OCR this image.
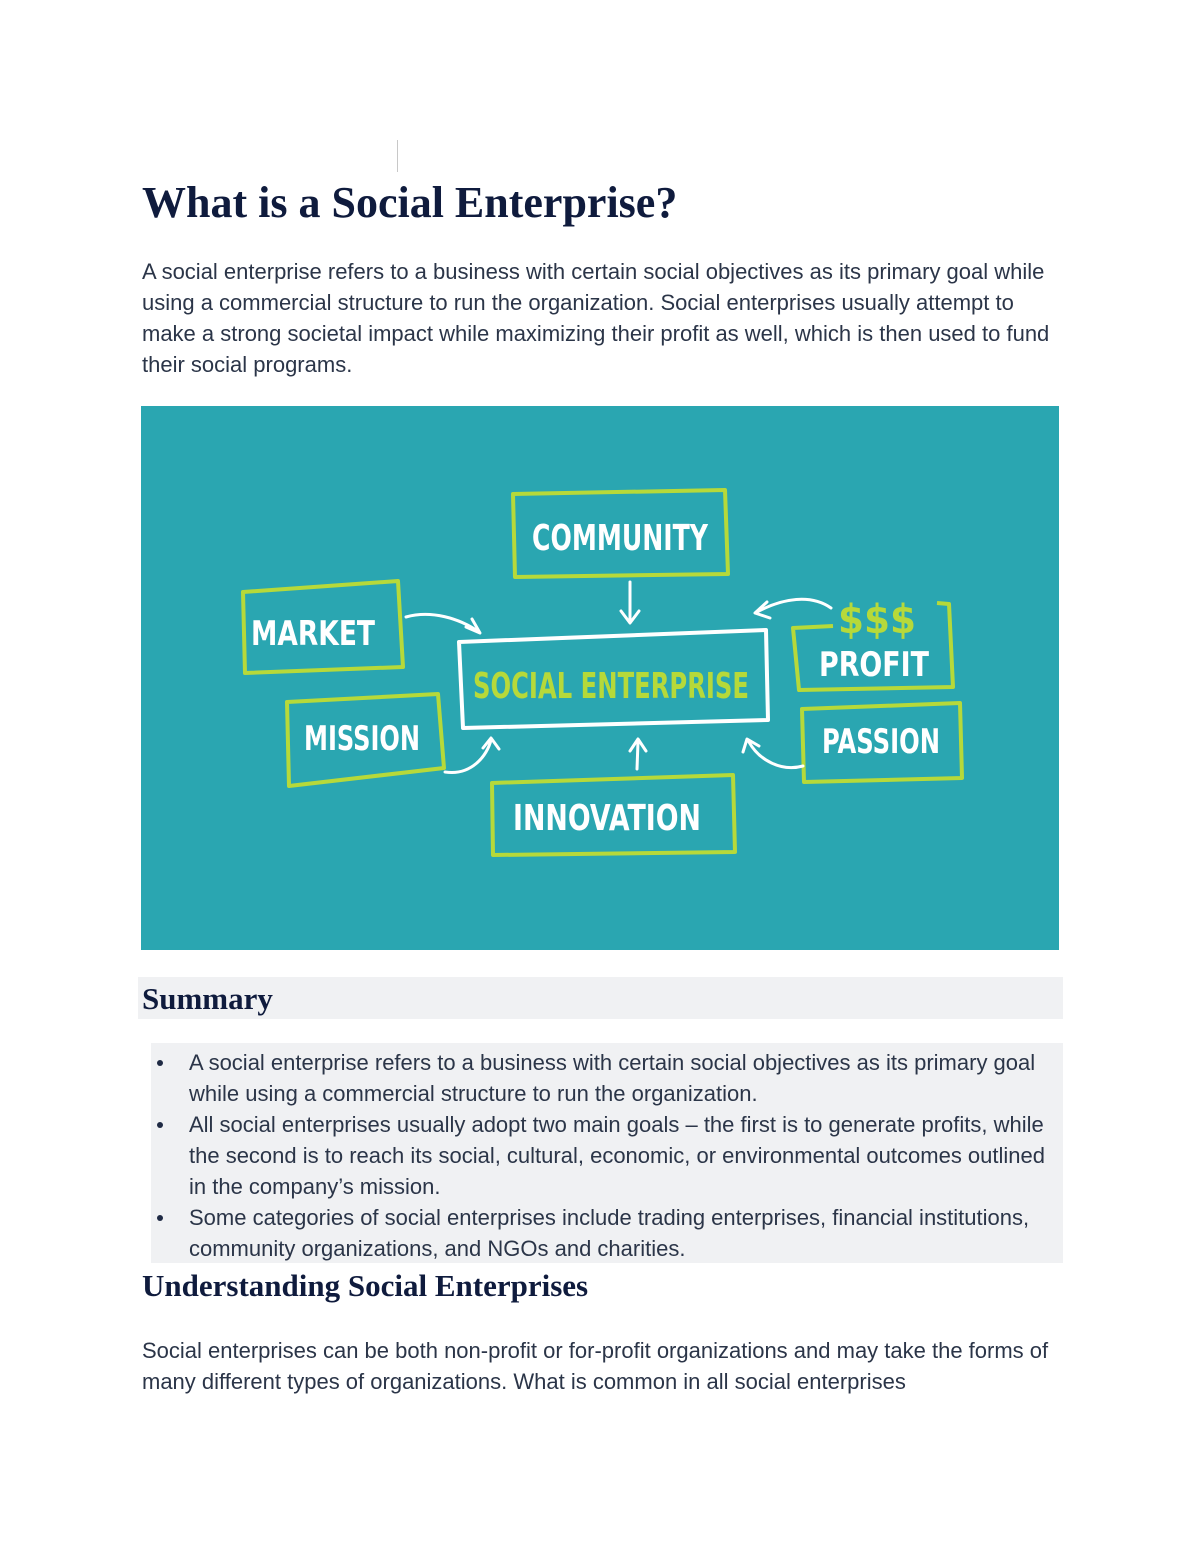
What is a Social Enterprise?

A social enterprise refers to a business with certain social objectives as its primary goal while using a commercial structure to run the organization. Social enterprises usually attempt to make a strong societal impact while maximizing their profit as well, which is then used to fund their social programs.

COMMUNITY
MARKET
MISSION
SOCIAL ENTERPRISE
INNOVATION
$$$
PROFIT
PASSION
Summary
A social enterprise refers to a business with certain social objectives as its primary goal while using a commercial structure to run the organization.
All social enterprises usually adopt two main goals – the first is to generate profits, while the second is to reach its social, cultural, economic, or environmental outcomes outlined in the company’s mission.
Some categories of social enterprises include trading enterprises, financial institutions, community organizations, and NGOs and charities.
Understanding Social Enterprises

Social enterprises can be both non-profit or for-profit organizations and may take the forms of many different types of organizations. What is common in all social enterprises
